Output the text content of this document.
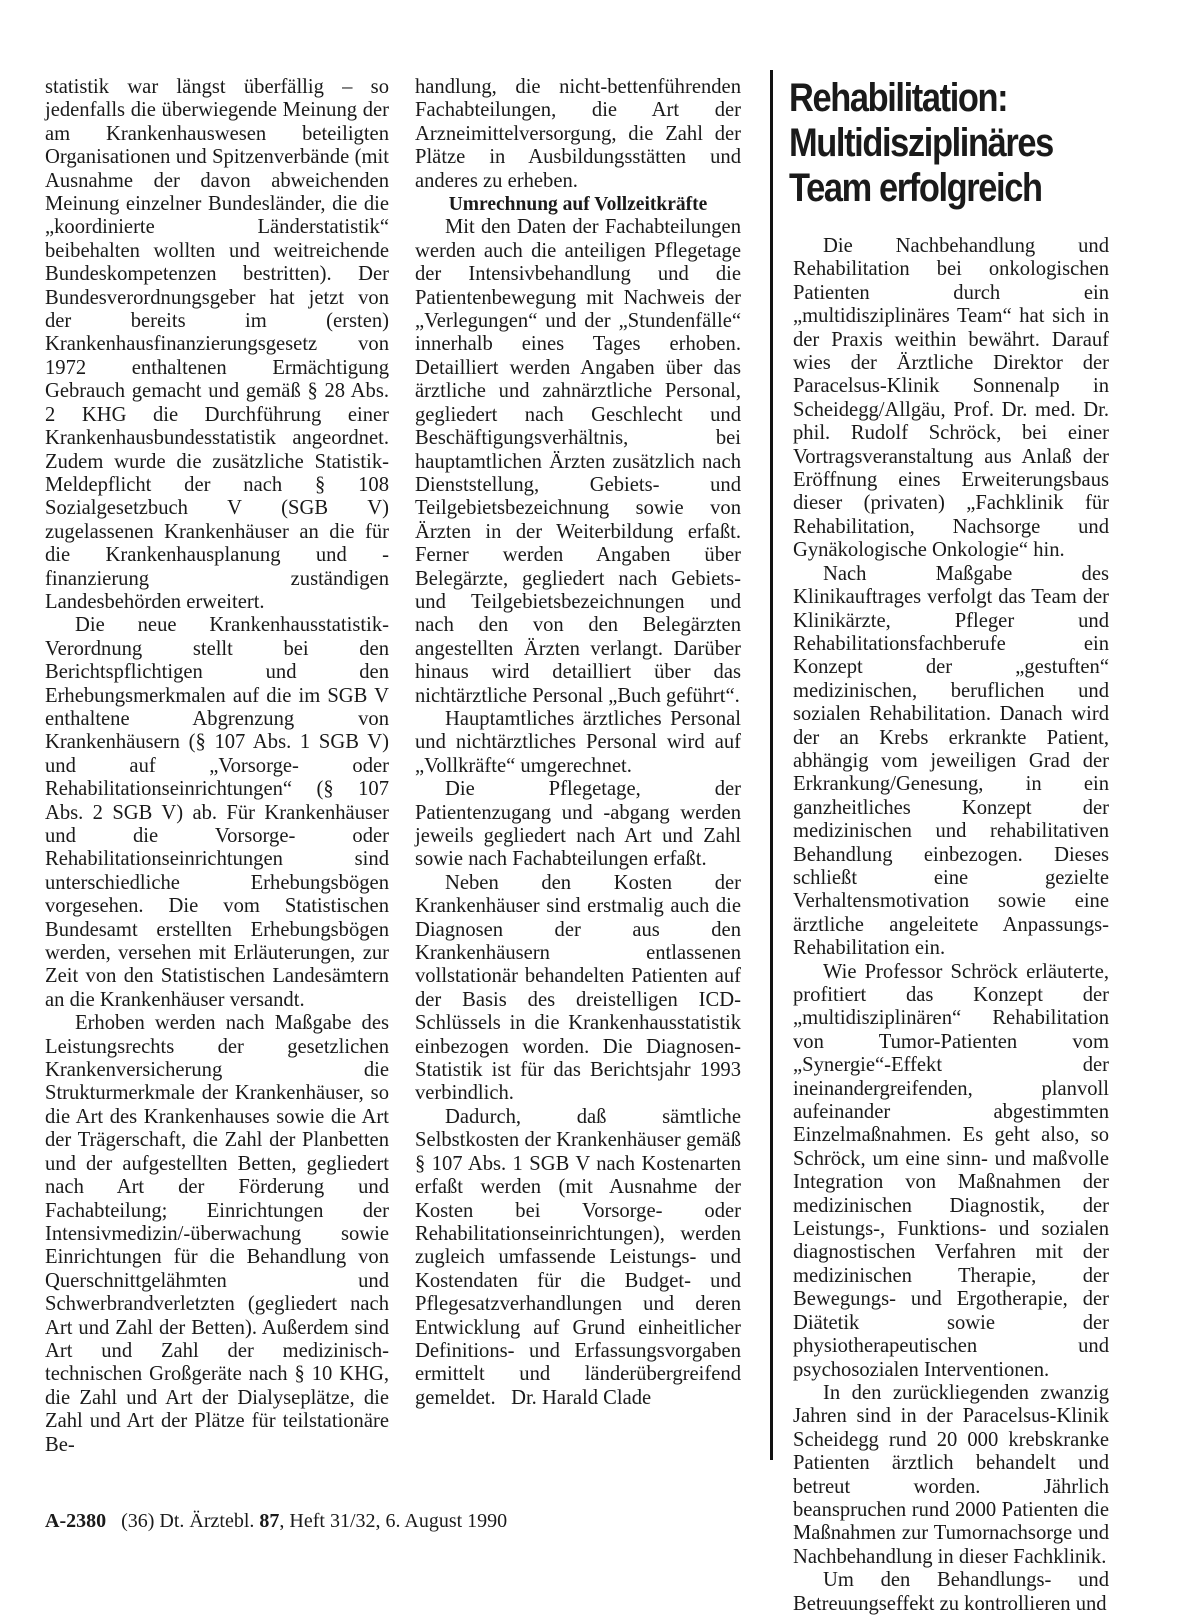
statistik war längst überfällig – so jedenfalls die überwiegende Meinung der am Krankenhauswesen beteiligten Organisationen und Spitzenverbände (mit Ausnahme der davon abweichenden Meinung einzelner Bundesländer, die die „koordinierte Länderstatistik“ beibehalten wollten und weitreichende Bundeskompetenzen bestritten). Der Bundesverordnungsgeber hat jetzt von der bereits im (ersten) Krankenhausfinanzierungsgesetz von 1972 enthaltenen Ermächtigung Gebrauch gemacht und gemäß § 28 Abs. 2 KHG die Durchführung einer Krankenhausbundesstatistik angeordnet. Zudem wurde die zusätzliche Statistik-Meldepflicht der nach § 108 Sozialgesetzbuch V (SGB V) zugelassenen Krankenhäuser an die für die Krankenhausplanung und -finanzierung zuständigen Landesbehörden erweitert.

Die neue Krankenhausstatistik-Verordnung stellt bei den Berichtspflichtigen und den Erhebungsmerkmalen auf die im SGB V enthaltene Abgrenzung von Krankenhäusern (§ 107 Abs. 1 SGB V) und auf „Vorsorge- oder Rehabilitationseinrichtungen“ (§ 107 Abs. 2 SGB V) ab. Für Krankenhäuser und die Vorsorge- oder Rehabilitationseinrichtungen sind unterschiedliche Erhebungsbögen vorgesehen. Die vom Statistischen Bundesamt erstellten Erhebungsbögen werden, versehen mit Erläuterungen, zur Zeit von den Statistischen Landesämtern an die Krankenhäuser versandt.

Erhoben werden nach Maßgabe des Leistungsrechts der gesetzlichen Krankenversicherung die Strukturmerkmale der Krankenhäuser, so die Art des Krankenhauses sowie die Art der Trägerschaft, die Zahl der Planbetten und der aufgestellten Betten, gegliedert nach Art der Förderung und Fachabteilung; Einrichtungen der Intensivmedizin/-überwachung sowie Einrichtungen für die Behandlung von Querschnittgelähmten und Schwerbrandverletzten (gegliedert nach Art und Zahl der Betten). Außerdem sind Art und Zahl der medizinisch-technischen Großgeräte nach § 10 KHG, die Zahl und Art der Dialyseplätze, die Zahl und Art der Plätze für teilstationäre Be-

handlung, die nicht-bettenführenden Fachabteilungen, die Art der Arzneimittelversorgung, die Zahl der Plätze in Ausbildungsstätten und anderes zu erheben.

Umrechnung auf Vollzeitkräfte

Mit den Daten der Fachabteilungen werden auch die anteiligen Pflegetage der Intensivbehandlung und die Patientenbewegung mit Nachweis der „Verlegungen“ und der „Stundenfälle“ innerhalb eines Tages erhoben. Detailliert werden Angaben über das ärztliche und zahnärztliche Personal, gegliedert nach Geschlecht und Beschäftigungsverhältnis, bei hauptamtlichen Ärzten zusätzlich nach Dienststellung, Gebiets- und Teilgebietsbezeichnung sowie von Ärzten in der Weiterbildung erfaßt. Ferner werden Angaben über Belegärzte, gegliedert nach Gebiets- und Teilgebietsbezeichnungen und nach den von den Belegärzten angestellten Ärzten verlangt. Darüber hinaus wird detailliert über das nichtärztliche Personal „Buch geführt“.

Hauptamtliches ärztliches Personal und nichtärztliches Personal wird auf „Vollkräfte“ umgerechnet.

Die Pflegetage, der Patientenzugang und -abgang werden jeweils gegliedert nach Art und Zahl sowie nach Fachabteilungen erfaßt.

Neben den Kosten der Krankenhäuser sind erstmalig auch die Diagnosen der aus den Krankenhäusern entlassenen vollstationär behandelten Patienten auf der Basis des dreistelligen ICD-Schlüssels in die Krankenhausstatistik einbezogen worden. Die Diagnosen-Statistik ist für das Berichtsjahr 1993 verbindlich.

Dadurch, daß sämtliche Selbstkosten der Krankenhäuser gemäß § 107 Abs. 1 SGB V nach Kostenarten erfaßt werden (mit Ausnahme der Kosten bei Vorsorge- oder Rehabilitationseinrichtungen), werden zugleich umfassende Leistungs- und Kostendaten für die Budget- und Pflegesatzverhandlungen und deren Entwicklung auf Grund einheitlicher Definitions- und Erfassungsvorgaben ermittelt und länderübergreifend gemeldet. Dr. Harald Clade

Rehabilitation: Multidisziplinäres Team erfolgreich

Die Nachbehandlung und Rehabilitation bei onkologischen Patienten durch ein „multidisziplinäres Team“ hat sich in der Praxis weithin bewährt. Darauf wies der Ärztliche Direktor der Paracelsus-Klinik Sonnenalp in Scheidegg/Allgäu, Prof. Dr. med. Dr. phil. Rudolf Schröck, bei einer Vortragsveranstaltung aus Anlaß der Eröffnung eines Erweiterungsbaus dieser (privaten) „Fachklinik für Rehabilitation, Nachsorge und Gynäkologische Onkologie“ hin.

Nach Maßgabe des Klinikauftrages verfolgt das Team der Klinikärzte, Pfleger und Rehabilitationsfachberufe ein Konzept der „gestuften“ medizinischen, beruflichen und sozialen Rehabilitation. Danach wird der an Krebs erkrankte Patient, abhängig vom jeweiligen Grad der Erkrankung/Genesung, in ein ganzheitliches Konzept der medizinischen und rehabilitativen Behandlung einbezogen. Dieses schließt eine gezielte Verhaltensmotivation sowie eine ärztliche angeleitete Anpassungs-Rehabilitation ein.

Wie Professor Schröck erläuterte, profitiert das Konzept der „multidisziplinären“ Rehabilitation von Tumor-Patienten vom „Synergie“-Effekt der ineinandergreifenden, planvoll aufeinander abgestimmten Einzelmaßnahmen. Es geht also, so Schröck, um eine sinn- und maßvolle Integration von Maßnahmen der medizinischen Diagnostik, der Leistungs-, Funktions- und sozialen diagnostischen Verfahren mit der medizinischen Therapie, der Bewegungs- und Ergotherapie, der Diätetik sowie der physiotherapeutischen und psychosozialen Interventionen.

In den zurückliegenden zwanzig Jahren sind in der Paracelsus-Klinik Scheidegg rund 20 000 krebskranke Patienten ärztlich behandelt und betreut worden. Jährlich beanspruchen rund 2000 Patienten die Maßnahmen zur Tumornachsorge und Nachbehandlung in dieser Fachklinik.

Um den Behandlungs- und Betreuungseffekt zu kontrollieren und

A-2380 (36) Dt. Ärztebl. 87, Heft 31/32, 6. August 1990
